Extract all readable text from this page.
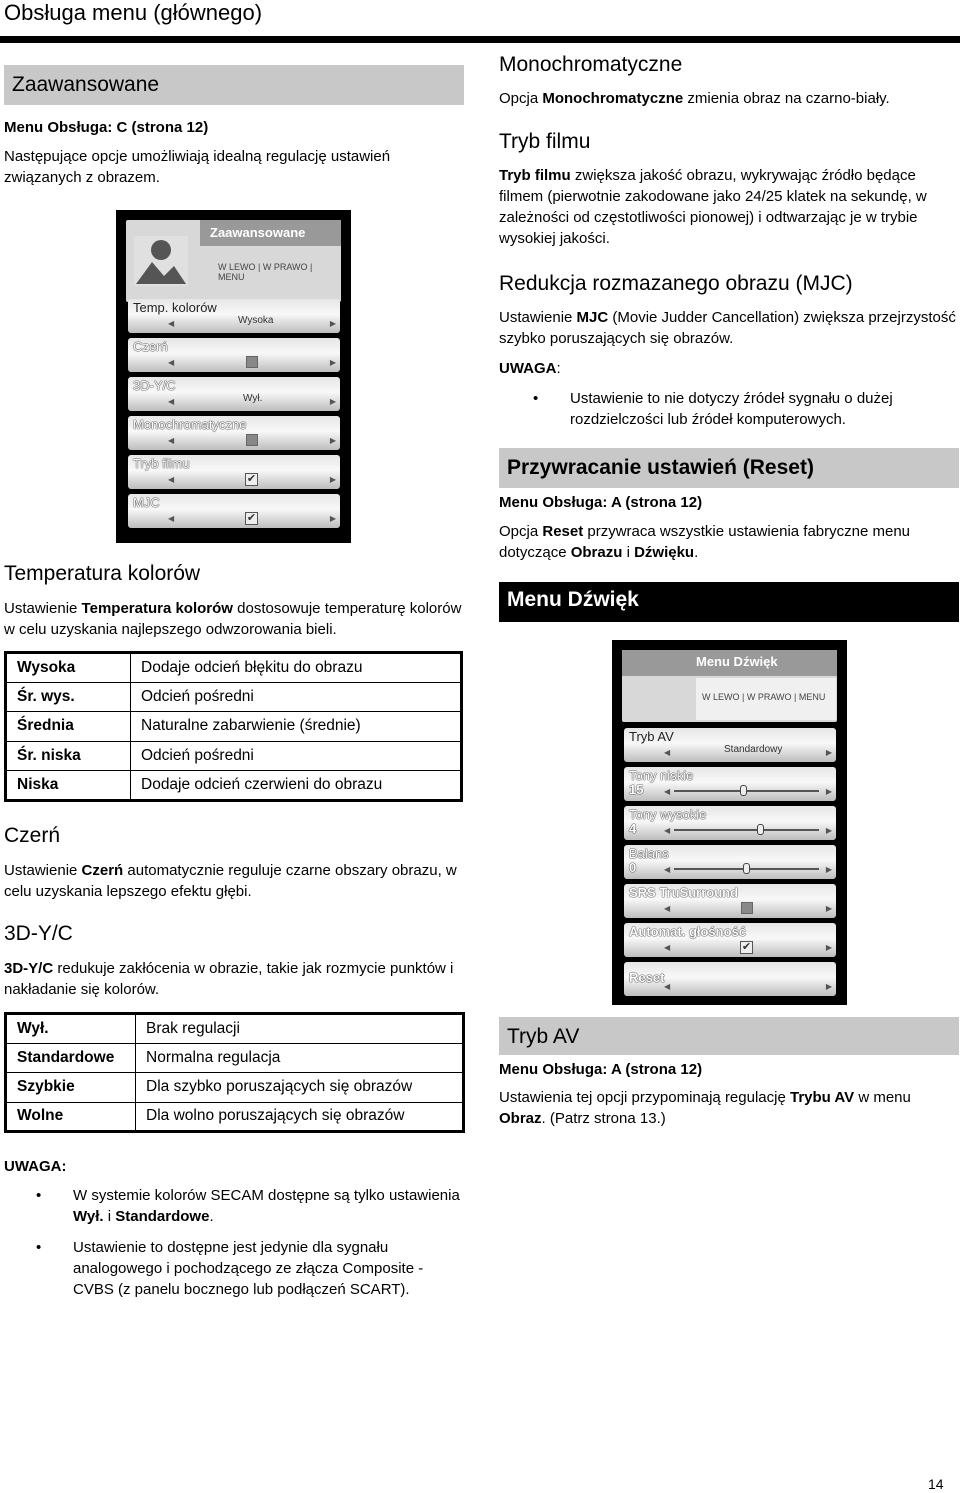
Obsługa menu (głównego)
Zaawansowane
Menu Obsługa: C (strona 12)
Następujące opcje umożliwiają idealną regulację ustawień związanych z obrazem.
Zaawansowane
W LEWO | W PRAWO | MENU
Temp. kolorów
Wysoka
◀	▶
Czerń
◀	▶
3D-Y/C
Wył.
◀	▶
Monochromatyczne
◀	▶
Tryb filmu
✔
◀	▶
MJC
✔
◀	▶
Temperatura kolorów
Ustawienie Temperatura kolorów dostosowuje temperaturę kolorów w celu uzyskania najlepszego odwzorowania bieli.
Wysoka	Dodaje odcień błękitu do obrazu
Śr. wys.	Odcień pośredni
Średnia	Naturalne zabarwienie (średnie)
Śr. niska	Odcień pośredni
Niska	Dodaje odcień czerwieni do obrazu
Czerń
Ustawienie Czerń automatycznie reguluje czarne obszary obrazu, w celu uzyskania lepszego efektu głębi.
3D-Y/C
3D-Y/C redukuje zakłócenia w obrazie, takie jak rozmycie punktów i nakładanie się kolorów.
Wył.	Brak regulacji
Standardowe	Normalna regulacja
Szybkie	Dla szybko poruszających się obrazów
Wolne	Dla wolno poruszających się obrazów
UWAGA:
• W systemie kolorów SECAM dostępne są tylko ustawienia Wył. i Standardowe.
• Ustawienie to dostępne jest jedynie dla sygnału analogowego i pochodzącego ze złącza Composite - CVBS (z panelu bocznego lub podłączeń SCART).
Monochromatyczne
Opcja Monochromatyczne zmienia obraz na czarno-biały.
Tryb filmu
Tryb filmu zwiększa jakość obrazu, wykrywając źródło będące filmem (pierwotnie zakodowane jako 24/25 klatek na sekundę, w zależności od częstotliwości pionowej) i odtwarzając je w trybie wysokiej jakości.
Redukcja rozmazanego obrazu (MJC)
Ustawienie MJC (Movie Judder Cancellation) zwiększa przejrzystość szybko poruszających się obrazów.
UWAGA:
• Ustawienie to nie dotyczy źródeł sygnału o dużej rozdzielczości lub źródeł komputerowych.
Przywracanie ustawień (Reset)
Menu Obsługa: A (strona 12)
Opcja Reset przywraca wszystkie ustawienia fabryczne menu dotyczące Obrazu i Dźwięku.
Menu Dźwięk
Menu Dźwięk
W LEWO | W PRAWO | MENU
Tryb AV
Standardowy
◀	▶
Tony niskie
15	◀	▶
Tony wysokie
4	◀	▶
Balans
0	◀	▶
SRS TruSurround
◀	▶
Automat. głośność
✔
◀	▶
Reset
◀	▶
Tryb AV
Menu Obsługa: A (strona 12)
Ustawienia tej opcji przypominają regulację Trybu AV w menu Obraz. (Patrz strona 13.)
14
